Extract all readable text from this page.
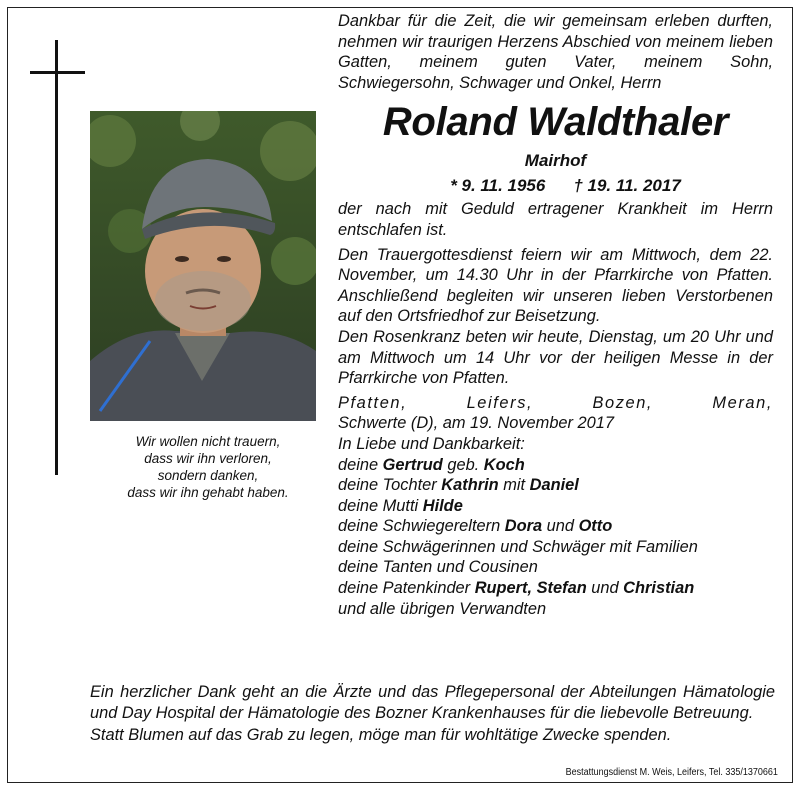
Wir wollen nicht trauern,
dass wir ihn verloren,
sondern danken,
dass wir ihn gehabt haben.
Dankbar für die Zeit, die wir gemeinsam erleben durften, nehmen wir traurigen Herzens Abschied von meinem lieben Gatten, meinem guten Vater, meinem Sohn, Schwiegersohn, Schwager und Onkel, Herrn
Roland Waldthaler
Mairhof
* 9. 11. 1956 † 19. 11. 2017
der nach mit Geduld ertragener Krankheit im Herrn entschlafen ist.
Den Trauergottesdienst feiern wir am Mittwoch, dem 22. November, um 14.30 Uhr in der Pfarrkirche von Pfatten. Anschließend begleiten wir unseren lieben Verstorbenen auf den Ortsfriedhof zur Beisetzung.
Den Rosenkranz beten wir heute, Dienstag, um 20 Uhr und am Mittwoch um 14 Uhr vor der heiligen Messe in der Pfarrkirche von Pfatten.
Pfatten, Leifers, Bozen, Meran,
Schwerte (D), am 19. November 2017
In Liebe und Dankbarkeit:
deine Gertrud geb. Koch
deine Tochter Kathrin mit Daniel
deine Mutti Hilde
deine Schwiegereltern Dora und Otto
deine Schwägerinnen und Schwäger mit Familien
deine Tanten und Cousinen
deine Patenkinder Rupert, Stefan und Christian
und alle übrigen Verwandten
Ein herzlicher Dank geht an die Ärzte und das Pflegepersonal der Abteilungen Hämatologie und Day Hospital der Hämatologie des Bozner Krankenhauses für die liebevolle Betreuung.
Statt Blumen auf das Grab zu legen, möge man für wohltätige Zwecke spenden.
Bestattungsdienst M. Weis, Leifers, Tel. 335/1370661
